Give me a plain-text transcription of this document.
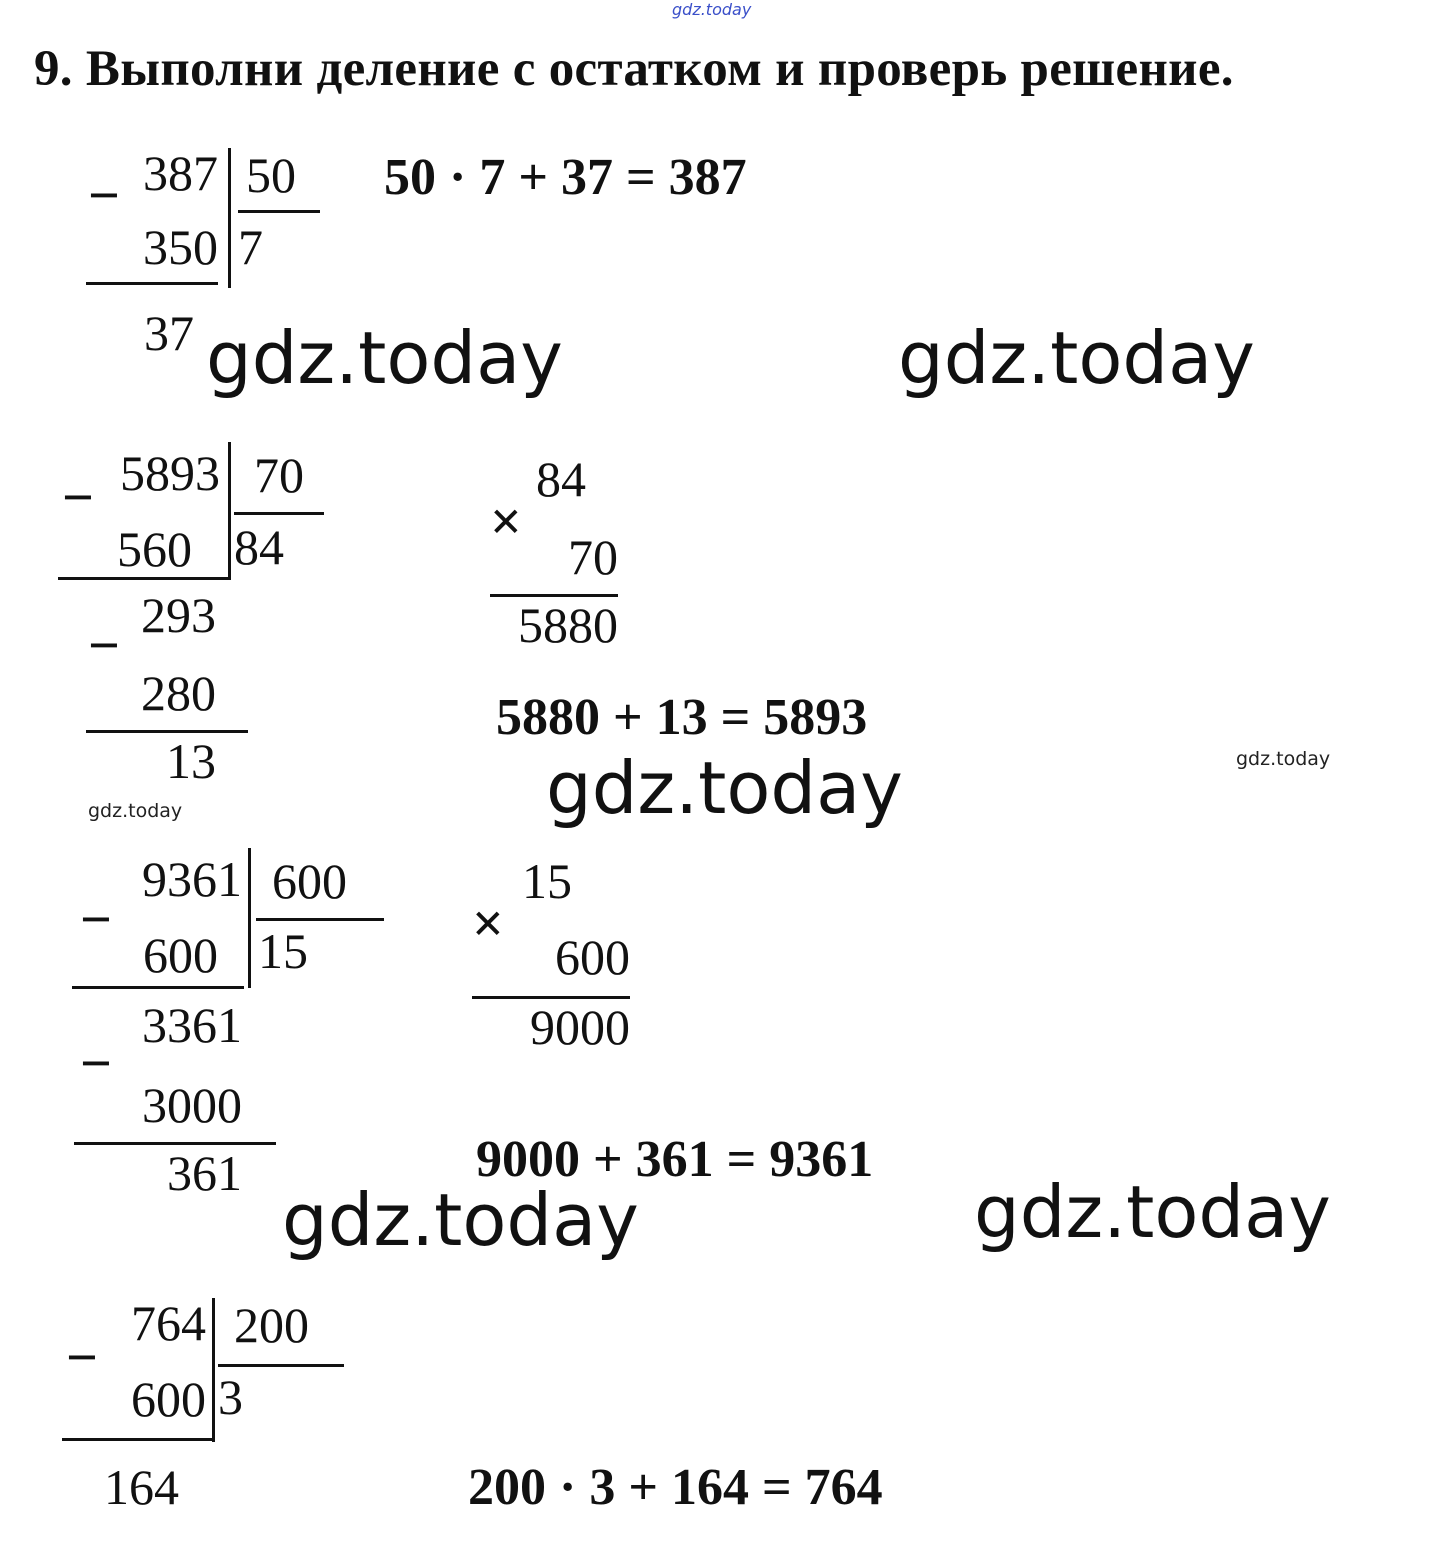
gdz.today
9. Выполни деление с остатком и проверь решение.
− 387
350
50
7
37
50 · 7 + 37 = 387
gdz.today	gdz.today
− 5893 70
84
560
293
−
280
13
×
84
70
5880
5880 + 13 = 5893
gdz.today	gdz.today
gdz.today
−
9361 600
15
600
3361
−
3000
361
×
15
600
9000
9000 + 361 = 9361
gdz.today	gdz.today
−
764 200
3
600
164	200 · 3 + 164 = 764
gdz.today
